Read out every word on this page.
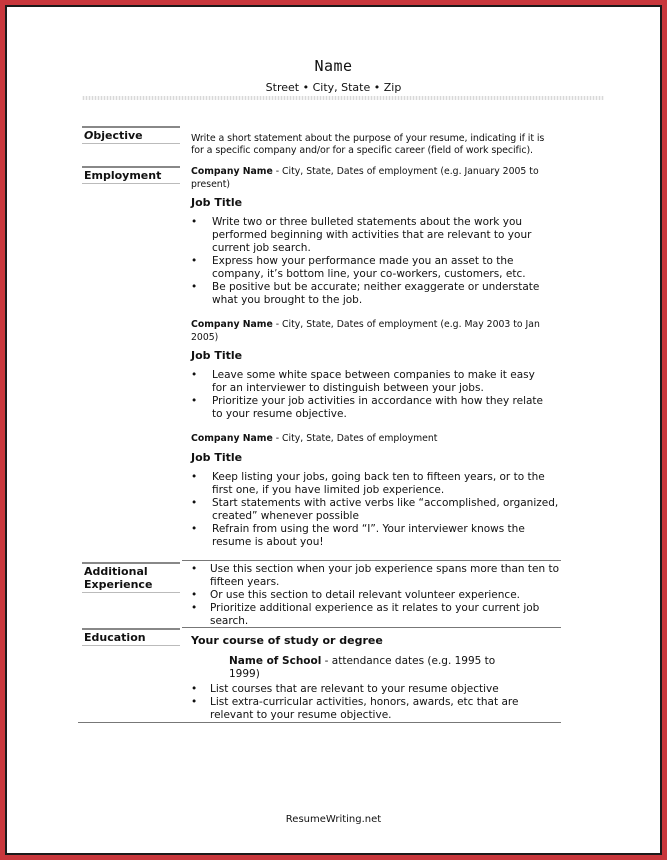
Name
Street • City, State • Zip
Objective	Write a short statement about the purpose of your resume, indicating if it is for a specific company and/or for a specific career (field of work specific).
Employment	Company Name - City, State, Dates of employment (e.g. January 2005 to present)
Job Title
• Write two or three bulleted statements about the work you performed beginning with activities that are relevant to your current job search.
• Express how your performance made you an asset to the company, it’s bottom line, your co-workers, customers, etc.
• Be positive but be accurate; neither exaggerate or understate what you brought to the job.
Company Name - City, State, Dates of employment (e.g. May 2003 to Jan 2005)
Job Title
• Leave some white space between companies to make it easy for an interviewer to distinguish between your jobs.
• Prioritize your job activities in accordance with how they relate to your resume objective.
Company Name - City, State, Dates of employment
Job Title
• Keep listing your jobs, going back ten to fifteen years, or to the first one, if you have limited job experience.
• Start statements with active verbs like “accomplished, organized, created” whenever possible
• Refrain from using the word “I”. Your interviewer knows the resume is about you!
Additional
Experience
• Use this section when your job experience spans more than ten to fifteen years.
• Or use this section to detail relevant volunteer experience.
• Prioritize additional experience as it relates to your current job search.
Education	Your course of study or degree
Name of School - attendance dates (e.g. 1995 to 1999)
• List courses that are relevant to your resume objective
• List extra-curricular activities, honors, awards, etc that are relevant to your resume objective.
ResumeWriting.net
